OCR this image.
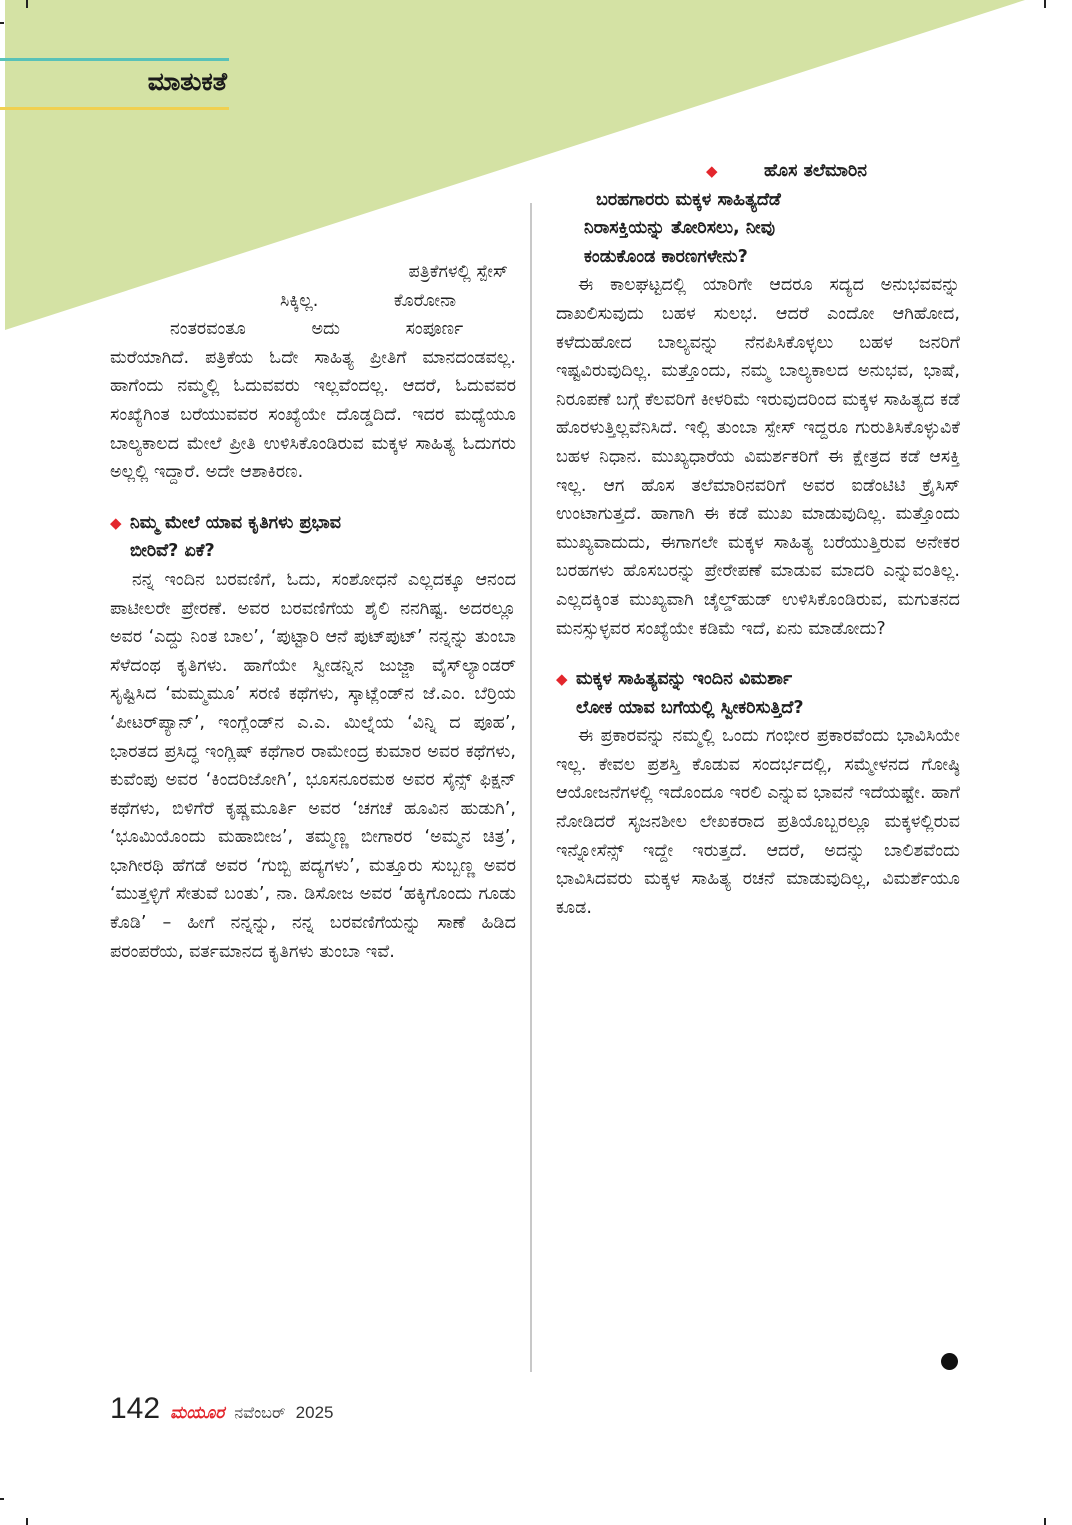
ಮಾತುಕತೆ
ಪತ್ರಿಕೆಗಳಲ್ಲಿ ಸ್ಪೇಸ್
ಸಿಕ್ಕಿಲ್ಲ. ಕೊರೋನಾ
ನಂತರವಂತೂ ಅದು ಸಂಪೂರ್ಣ

ಮರೆಯಾಗಿದೆ. ಪತ್ರಿಕೆಯ ಓದೇ ಸಾಹಿತ್ಯ ಪ್ರೀತಿಗೆ ಮಾನದಂಡವಲ್ಲ. ಹಾಗೆಂದು ನಮ್ಮಲ್ಲಿ ಓದುವವರು ಇಲ್ಲವೆಂದಲ್ಲ. ಆದರೆ, ಓದುವವರ ಸಂಖ್ಯೆಗಿಂತ ಬರೆಯುವವರ ಸಂಖ್ಯೆಯೇ ದೊಡ್ಡದಿದೆ. ಇದರ ಮಧ್ಯೆಯೂ ಬಾಲ್ಯಕಾಲದ ಮೇಲೆ ಪ್ರೀತಿ ಉಳಿಸಿಕೊಂಡಿರುವ ಮಕ್ಕಳ ಸಾಹಿತ್ಯ ಓದುಗರು ಅಲ್ಲಲ್ಲಿ ಇದ್ದಾರೆ. ಅದೇ ಆಶಾಕಿರಣ.

◆ ನಿಮ್ಮ ಮೇಲೆ ಯಾವ ಕೃತಿಗಳು ಪ್ರಭಾವ
ಬೀರಿವೆ? ಏಕೆ?

ನನ್ನ ಇಂದಿನ ಬರವಣಿಗೆ, ಓದು, ಸಂಶೋಧನೆ ಎಲ್ಲದಕ್ಕೂ ಆನಂದ ಪಾಟೀಲರೇ ಪ್ರೇರಣೆ. ಅವರ ಬರವಣಿಗೆಯ ಶೈಲಿ ನನಗಿಷ್ಟ. ಅದರಲ್ಲೂ ಅವರ ‘ಎದ್ದು ನಿಂತ ಬಾಲ’, ‘ಪುಟ್ಟಾರಿ ಆನೆ ಪುಟ್‌ಪುಟ್’ ನನ್ನನ್ನು ತುಂಬಾ ಸೆಳೆದಂಥ ಕೃತಿಗಳು. ಹಾಗೆಯೇ ಸ್ವೀಡನ್ನಿನ ಜುಜ್ಜಾ ವೈಸ್‌ಲ್ಯಾಂಡರ್ ಸೃಷ್ಟಿಸಿದ ‘ಮಮ್ಮಮೂ’ ಸರಣಿ ಕಥೆಗಳು, ಸ್ಕಾಟ್ಲೆಂಡ್‌ನ ಜೆ.ಎಂ. ಬೆರ‍್ರಿಯ ‘ಪೀಟರ್‌ಪ್ಯಾನ್’, ಇಂಗ್ಲೆಂಡ್‌ನ ಎ.ಎ. ಮಿಲ್ನೆಯ ‘ವಿನ್ನಿ ದ ಪೂಹ’, ಭಾರತದ ಪ್ರಸಿದ್ಧ ಇಂಗ್ಲಿಷ್ ಕಥೆಗಾರ ರಾಮೇಂದ್ರ ಕುಮಾರ ಅವರ ಕಥೆಗಳು, ಕುವೆಂಪು ಅವರ ‘ಕಿಂದರಿಜೋಗಿ’, ಭೂಸನೂರಮಠ ಅವರ ಸೈನ್ಸ್ ಫಿಕ್ಷನ್ ಕಥೆಗಳು, ಬಿಳಿಗೆರೆ ಕೃಷ್ಣಮೂರ್ತಿ ಅವರ ‘ಚಗಚೆ ಹೂವಿನ ಹುಡುಗಿ’, ‘ಭೂಮಿಯೊಂದು ಮಹಾಬೀಜ’, ತಮ್ಮಣ್ಣ ಬೀಗಾರರ ‘ಅಮ್ಮನ ಚಿತ್ರ’, ಭಾಗೀರಥಿ ಹೆಗಡೆ ಅವರ ‘ಗುಬ್ಬಿ ಪದ್ಯಗಳು’, ಮತ್ತೂರು ಸುಬ್ಬಣ್ಣ ಅವರ ‘ಮುತ್ತಳ್ಳಿಗೆ ಸೇತುವೆ ಬಂತು’, ನಾ. ಡಿಸೋಜ ಅವರ ‘ಹಕ್ಕಿಗೊಂದು ಗೂಡು ಕೊಡಿ’ – ಹೀಗೆ ನನ್ನನ್ನು, ನನ್ನ ಬರವಣಿಗೆಯನ್ನು ಸಾಣೆ ಹಿಡಿದ ಪರಂಪರೆಯ, ವರ್ತಮಾನದ ಕೃತಿಗಳು ತುಂಬಾ ಇವೆ.

◆	ಹೊಸ ತಲೆಮಾರಿನ
ಬರಹಗಾರರು ಮಕ್ಕಳ ಸಾಹಿತ್ಯದೆಡೆ
ನಿರಾಸಕ್ತಿಯನ್ನು ತೋರಿಸಲು, ನೀವು
ಕಂಡುಕೊಂಡ ಕಾರಣಗಳೇನು?

ಈ ಕಾಲಘಟ್ಟದಲ್ಲಿ ಯಾರಿಗೇ ಆದರೂ ಸದ್ಯದ ಅನುಭವವನ್ನು ದಾಖಲಿಸುವುದು ಬಹಳ ಸುಲಭ. ಆದರೆ ಎಂದೋ ಆಗಿಹೋದ, ಕಳೆದುಹೋದ ಬಾಲ್ಯವನ್ನು ನೆನಪಿಸಿಕೊಳ್ಳಲು ಬಹಳ ಜನರಿಗೆ ಇಷ್ಟವಿರುವುದಿಲ್ಲ. ಮತ್ತೊಂದು, ನಮ್ಮ ಬಾಲ್ಯಕಾಲದ ಅನುಭವ, ಭಾಷೆ, ನಿರೂಪಣೆ ಬಗ್ಗೆ ಕೆಲವರಿಗೆ ಕೀಳರಿಮೆ ಇರುವುದರಿಂದ ಮಕ್ಕಳ ಸಾಹಿತ್ಯದ ಕಡೆ ಹೊರಳುತ್ತಿಲ್ಲವೆನಿಸಿದೆ. ಇಲ್ಲಿ ತುಂಬಾ ಸ್ಪೇಸ್ ಇದ್ದರೂ ಗುರುತಿಸಿಕೊಳ್ಳುವಿಕೆ ಬಹಳ ನಿಧಾನ. ಮುಖ್ಯಧಾರೆಯ ವಿಮರ್ಶಕರಿಗೆ ಈ ಕ್ಷೇತ್ರದ ಕಡೆ ಆಸಕ್ತಿ ಇಲ್ಲ. ಆಗ ಹೊಸ ತಲೆಮಾರಿನವರಿಗೆ ಅವರ ಐಡೆಂಟಿಟಿ ಕ್ರೈಸಿಸ್ ಉಂಟಾಗುತ್ತದೆ. ಹಾಗಾಗಿ ಈ ಕಡೆ ಮುಖ ಮಾಡುವುದಿಲ್ಲ. ಮತ್ತೊಂದು ಮುಖ್ಯವಾದುದು, ಈಗಾಗಲೇ ಮಕ್ಕಳ ಸಾಹಿತ್ಯ ಬರೆಯುತ್ತಿರುವ ಅನೇಕರ ಬರಹಗಳು ಹೊಸಬರನ್ನು ಪ್ರೇರೇಪಣೆ ಮಾಡುವ ಮಾದರಿ ಎನ್ನುವಂತಿಲ್ಲ. ಎಲ್ಲದಕ್ಕಿಂತ ಮುಖ್ಯವಾಗಿ ಚೈಲ್ಡ್‌ಹುಡ್ ಉಳಿಸಿಕೊಂಡಿರುವ, ಮಗುತನದ ಮನಸ್ಸುಳ್ಳವರ ಸಂಖ್ಯೆಯೇ ಕಡಿಮೆ ಇದೆ, ಏನು ಮಾಡೋದು?

◆ ಮಕ್ಕಳ ಸಾಹಿತ್ಯವನ್ನು ಇಂದಿನ ವಿಮರ್ಶಾ
ಲೋಕ ಯಾವ ಬಗೆಯಲ್ಲಿ ಸ್ವೀಕರಿಸುತ್ತಿದೆ?

ಈ ಪ್ರಕಾರವನ್ನು ನಮ್ಮಲ್ಲಿ ಒಂದು ಗಂಭೀರ ಪ್ರಕಾರವೆಂದು ಭಾವಿಸಿಯೇ ಇಲ್ಲ. ಕೇವಲ ಪ್ರಶಸ್ತಿ ಕೊಡುವ ಸಂದರ್ಭದಲ್ಲಿ, ಸಮ್ಮೇಳನದ ಗೋಷ್ಠಿ ಆಯೋಜನೆಗಳಲ್ಲಿ ಇದೊಂದೂ ಇರಲಿ ಎನ್ನುವ ಭಾವನೆ ಇದೆಯಷ್ಟೇ. ಹಾಗೆ ನೋಡಿದರೆ ಸೃಜನಶೀಲ ಲೇಖಕರಾದ ಪ್ರತಿಯೊಬ್ಬರಲ್ಲೂ ಮಕ್ಕಳಲ್ಲಿರುವ ಇನ್ನೋಸೆನ್ಸ್ ಇದ್ದೇ ಇರುತ್ತದೆ. ಆದರೆ, ಅದನ್ನು ಬಾಲಿಶವೆಂದು ಭಾವಿಸಿದವರು ಮಕ್ಕಳ ಸಾಹಿತ್ಯ ರಚನೆ ಮಾಡುವುದಿಲ್ಲ, ವಿಮರ್ಶೆಯೂ ಕೂಡ.

142 ಮಯೂರ ನವೆಂಬರ್ 2025
